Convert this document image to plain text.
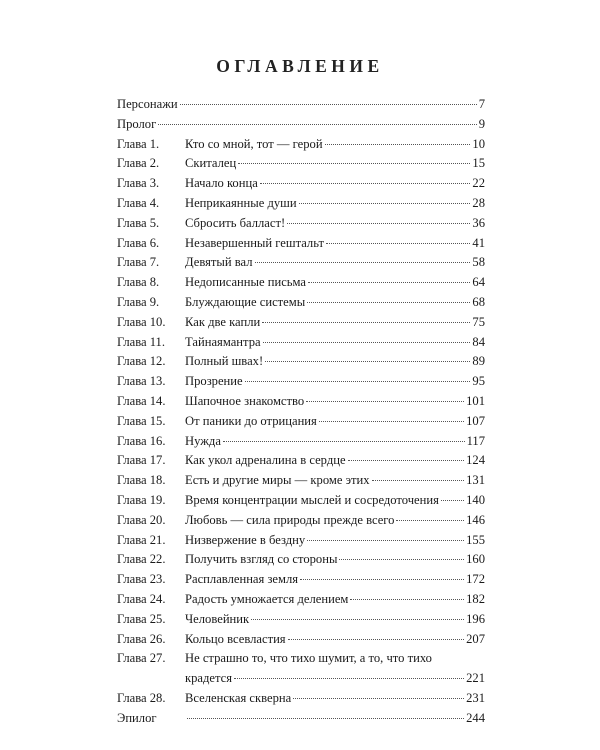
ОГЛАВЛЕНИЕ
Персонажи	7
Пролог	9
Глава 1.	Кто со мной, тот — герой	10
Глава 2.	Скиталец	15
Глава 3.	Начало конца	22
Глава 4.	Неприкаянные души	28
Глава 5.	Сбросить балласт!	36
Глава 6.	Незавершенный гештальт	41
Глава 7.	Девятый вал	58
Глава 8.	Недописанные письма	64
Глава 9.	Блуждающие системы	68
Глава 10.	Как две капли	75
Глава 11.	Тайнаямантра	84
Глава 12.	Полный швах!	89
Глава 13.	Прозрение	95
Глава 14.	Шапочное знакомство	101
Глава 15.	От паники до отрицания	107
Глава 16.	Нужда	117
Глава 17.	Как укол адреналина в сердце	124
Глава 18.	Есть и другие миры — кроме этих	131
Глава 19.	Время концентрации мыслей и сосредоточения 140
Глава 20.	Любовь — сила природы прежде всего	146
Глава 21.	Низвержение в бездну	155
Глава 22.	Получить взгляд со стороны	160
Глава 23.	Расплавленная земля	172
Глава 24.	Радость умножается делением	182
Глава 25.	Человейник	196
Глава 26.	Кольцо всевластия	207
Глава 27.	Не страшно то, что тихо шумит, а то, что тихо
крадется	221
Глава 28.	Вселенская скверна	231
Эпилог	244
